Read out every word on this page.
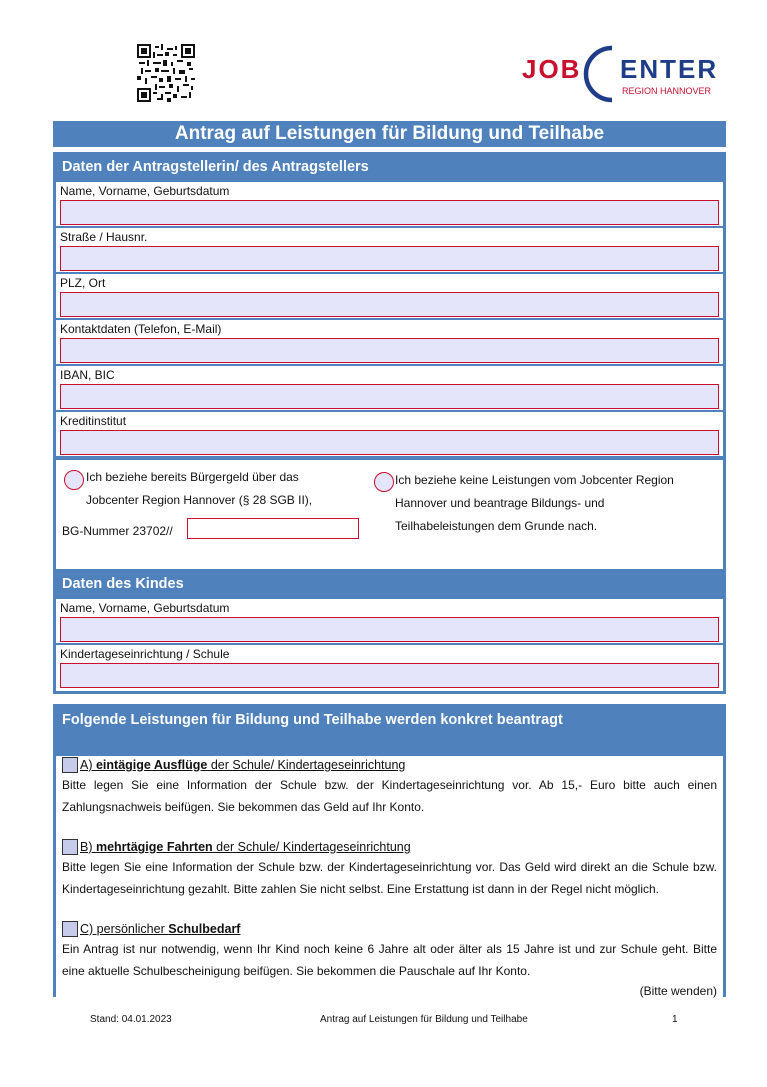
JOB ENTER
REGION HANNOVER
Antrag auf Leistungen für Bildung und Teilhabe
Daten der Antragstellerin/ des Antragstellers
Name, Vorname, Geburtsdatum
Straße / Hausnr.
PLZ, Ort
Kontaktdaten (Telefon, E-Mail)
IBAN, BIC
Kreditinstitut
Ich beziehe bereits Bürgergeld über das
Jobcenter Region Hannover (§ 28 SGB II),
BG-Nummer 23702//
Ich beziehe keine Leistungen vom Jobcenter Region
Hannover und beantrage Bildungs- und
Teilhabeleistungen dem Grunde nach.
Daten des Kindes
Name, Vorname, Geburtsdatum
Kindertageseinrichtung / Schule
Folgende Leistungen für Bildung und Teilhabe werden konkret beantragt
A) eintägige Ausflüge der Schule/ Kindertageseinrichtung
Bitte legen Sie eine Information der Schule bzw. der Kindertageseinrichtung vor. Ab 15,- Euro bitte auch einen Zahlungsnachweis beifügen. Sie bekommen das Geld auf Ihr Konto.
B) mehrtägige Fahrten der Schule/ Kindertageseinrichtung
Bitte legen Sie eine Information der Schule bzw. der Kindertageseinrichtung vor. Das Geld wird direkt an die Schule bzw. Kindertageseinrichtung gezahlt. Bitte zahlen Sie nicht selbst. Eine Erstattung ist dann in der Regel nicht möglich.
C) persönlicher Schulbedarf
Ein Antrag ist nur notwendig, wenn Ihr Kind noch keine 6 Jahre alt oder älter als 15 Jahre ist und zur Schule geht. Bitte eine aktuelle Schulbescheinigung beifügen. Sie bekommen die Pauschale auf Ihr Konto.
(Bitte wenden)
Stand: 04.01.2023	Antrag auf Leistungen für Bildung und Teilhabe	1
